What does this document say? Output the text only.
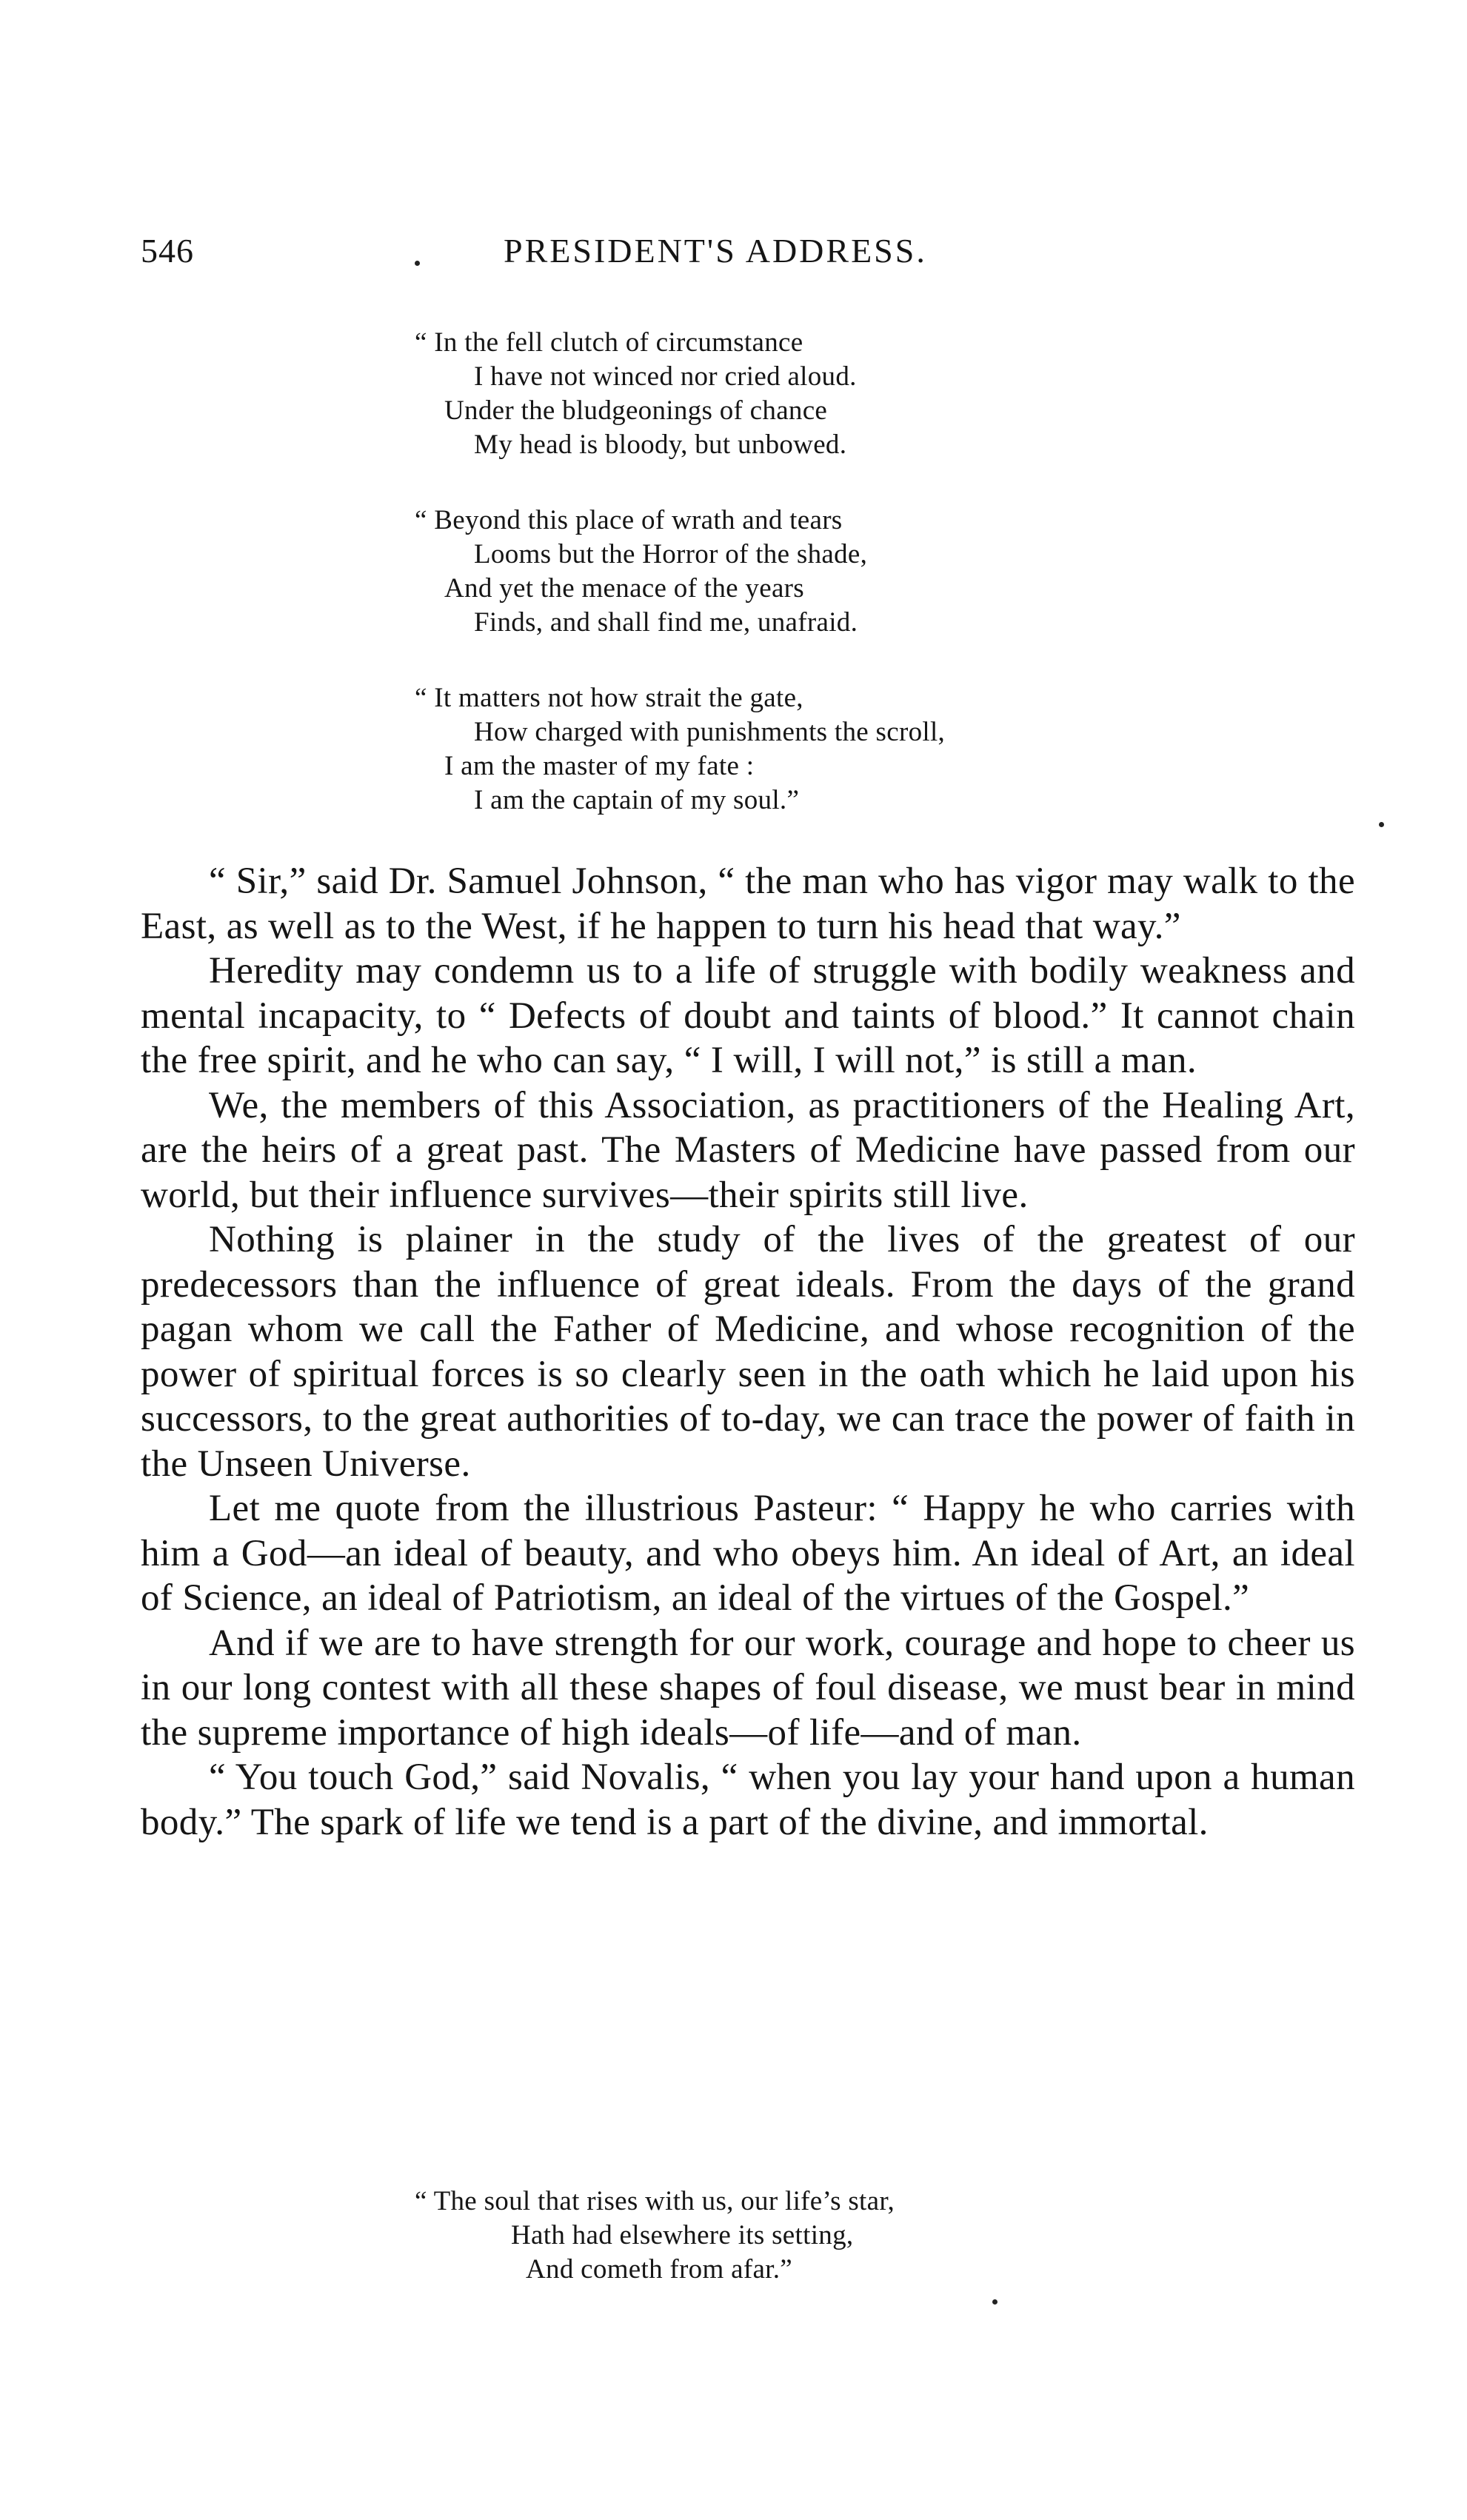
546	PRESIDENT'S ADDRESS.
“ In the fell clutch of circumstance
I have not winced nor cried aloud.
Under the bludgeonings of chance
My head is bloody, but unbowed.
“ Beyond this place of wrath and tears
Looms but the Horror of the shade,
And yet the menace of the years
Finds, and shall find me, unafraid.
“ It matters not how strait the gate,
How charged with punishments the scroll,
I am the master of my fate :
I am the captain of my soul.”

“ Sir,” said Dr. Samuel Johnson, “ the man who has vigor may walk to the East, as well as to the West, if he happen to turn his head that way.”

Heredity may condemn us to a life of struggle with bodily weakness and mental incapacity, to “ Defects of doubt and taints of blood.” It cannot chain the free spirit, and he who can say, “ I will, I will not,” is still a man.

We, the members of this Association, as practitioners of the Healing Art, are the heirs of a great past. The Masters of Medicine have passed from our world, but their influence survives—their spirits still live.

Nothing is plainer in the study of the lives of the greatest of our predecessors than the influence of great ideals. From the days of the grand pagan whom we call the Father of Medicine, and whose recognition of the power of spiritual forces is so clearly seen in the oath which he laid upon his successors, to the great authorities of to-day, we can trace the power of faith in the Unseen Universe.

Let me quote from the illustrious Pasteur: “ Happy he who carries with him a God—an ideal of beauty, and who obeys him. An ideal of Art, an ideal of Science, an ideal of Patriotism, an ideal of the virtues of the Gospel.”

And if we are to have strength for our work, courage and hope to cheer us in our long contest with all these shapes of foul disease, we must bear in mind the supreme importance of high ideals—of life—and of man.

“ You touch God,” said Novalis, “ when you lay your hand upon a human body.” The spark of life we tend is a part of the divine, and immortal.

“ The soul that rises with us, our life’s star,
Hath had elsewhere its setting,
And cometh from afar.”
